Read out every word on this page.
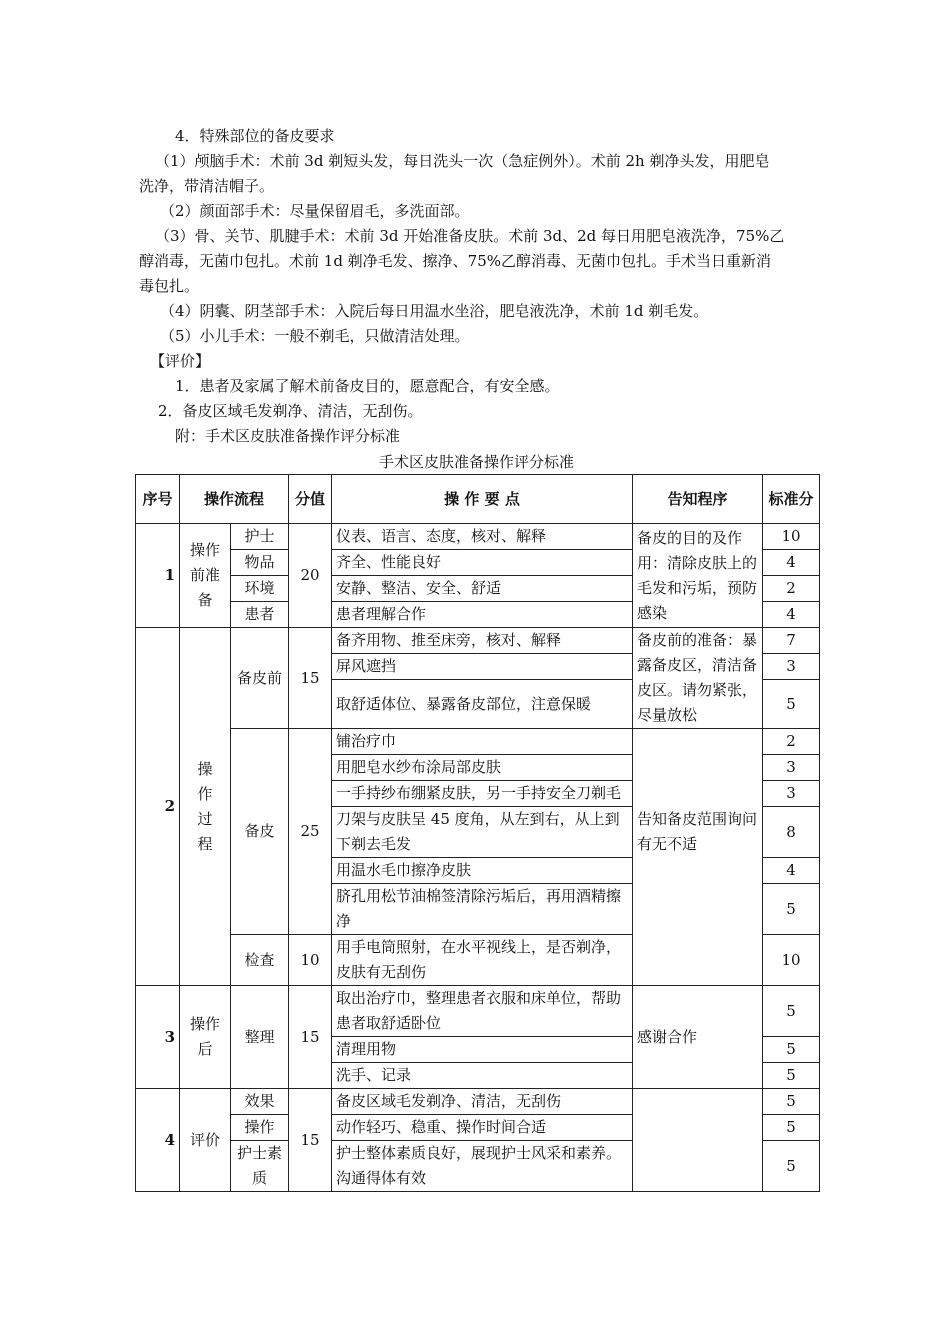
4．特殊部位的备皮要求
（1）颅脑手术：术前 3d 剃短头发，每日洗头一次（急症例外）。术前 2h 剃净头发，用肥皂
洗净，带清洁帽子。
（2）颜面部手术：尽量保留眉毛，多洗面部。
（3）骨、关节、肌腱手术：术前 3d 开始准备皮肤。术前 3d、2d 每日用肥皂液洗净，75%乙
醇消毒，无菌巾包扎。术前 1d 剃净毛发、擦净、75%乙醇消毒、无菌巾包扎。手术当日重新消
毒包扎。
（4）阴囊、阴茎部手术：入院后每日用温水坐浴，肥皂液洗净，术前 1d 剃毛发。
（5）小儿手术：一般不剃毛，只做清洁处理。
【评价】
1．患者及家属了解术前备皮目的，愿意配合，有安全感。
2．备皮区域毛发剃净、清洁，无刮伤。
附：手术区皮肤准备操作评分标准
手术区皮肤准备操作评分标准
序号	操作流程		分值	操 作 要 点	告知程序	标准分
1	操作前准备	护士	20	仪表、语言、态度，核对、解释	备皮的目的及作用：清除皮肤上的毛发和污垢，预防感染	10
		物品		齐全、性能良好		4
		环境		安静、整洁、安全、舒适		2
		患者		患者理解合作		4
2	操作过程	备皮前	15	备齐用物、推至床旁，核对、解释	备皮前的准备：暴露备皮区，清洁备皮区。请勿紧张，尽量放松	7
				屏风遮挡		3
				取舒适体位、暴露备皮部位，注意保暖		5
		备皮	25	铺治疗巾	告知备皮范围询问有无不适	2
				用肥皂水纱布涂局部皮肤		3
				一手持纱布绷紧皮肤，另一手持安全刀剃毛		3
				刀架与皮肤呈 45 度角，从左到右，从上到下剃去毛发		8
				用温水毛巾擦净皮肤		4
				脐孔用松节油棉签清除污垢后，再用酒精擦净		5
		检查	10	用手电筒照射，在水平视线上，是否剃净，皮肤有无刮伤		10
3	操作后	整理	15	取出治疗巾，整理患者衣服和床单位，帮助患者取舒适卧位	感谢合作	5
				清理用物		5
				洗手、记录		5
4	评价	效果	15	备皮区域毛发剃净、清洁，无刮伤		5
		操作		动作轻巧、稳重、操作时间合适		5
		护士素质		护士整体素质良好，展现护士风采和素养。沟通得体有效		5
